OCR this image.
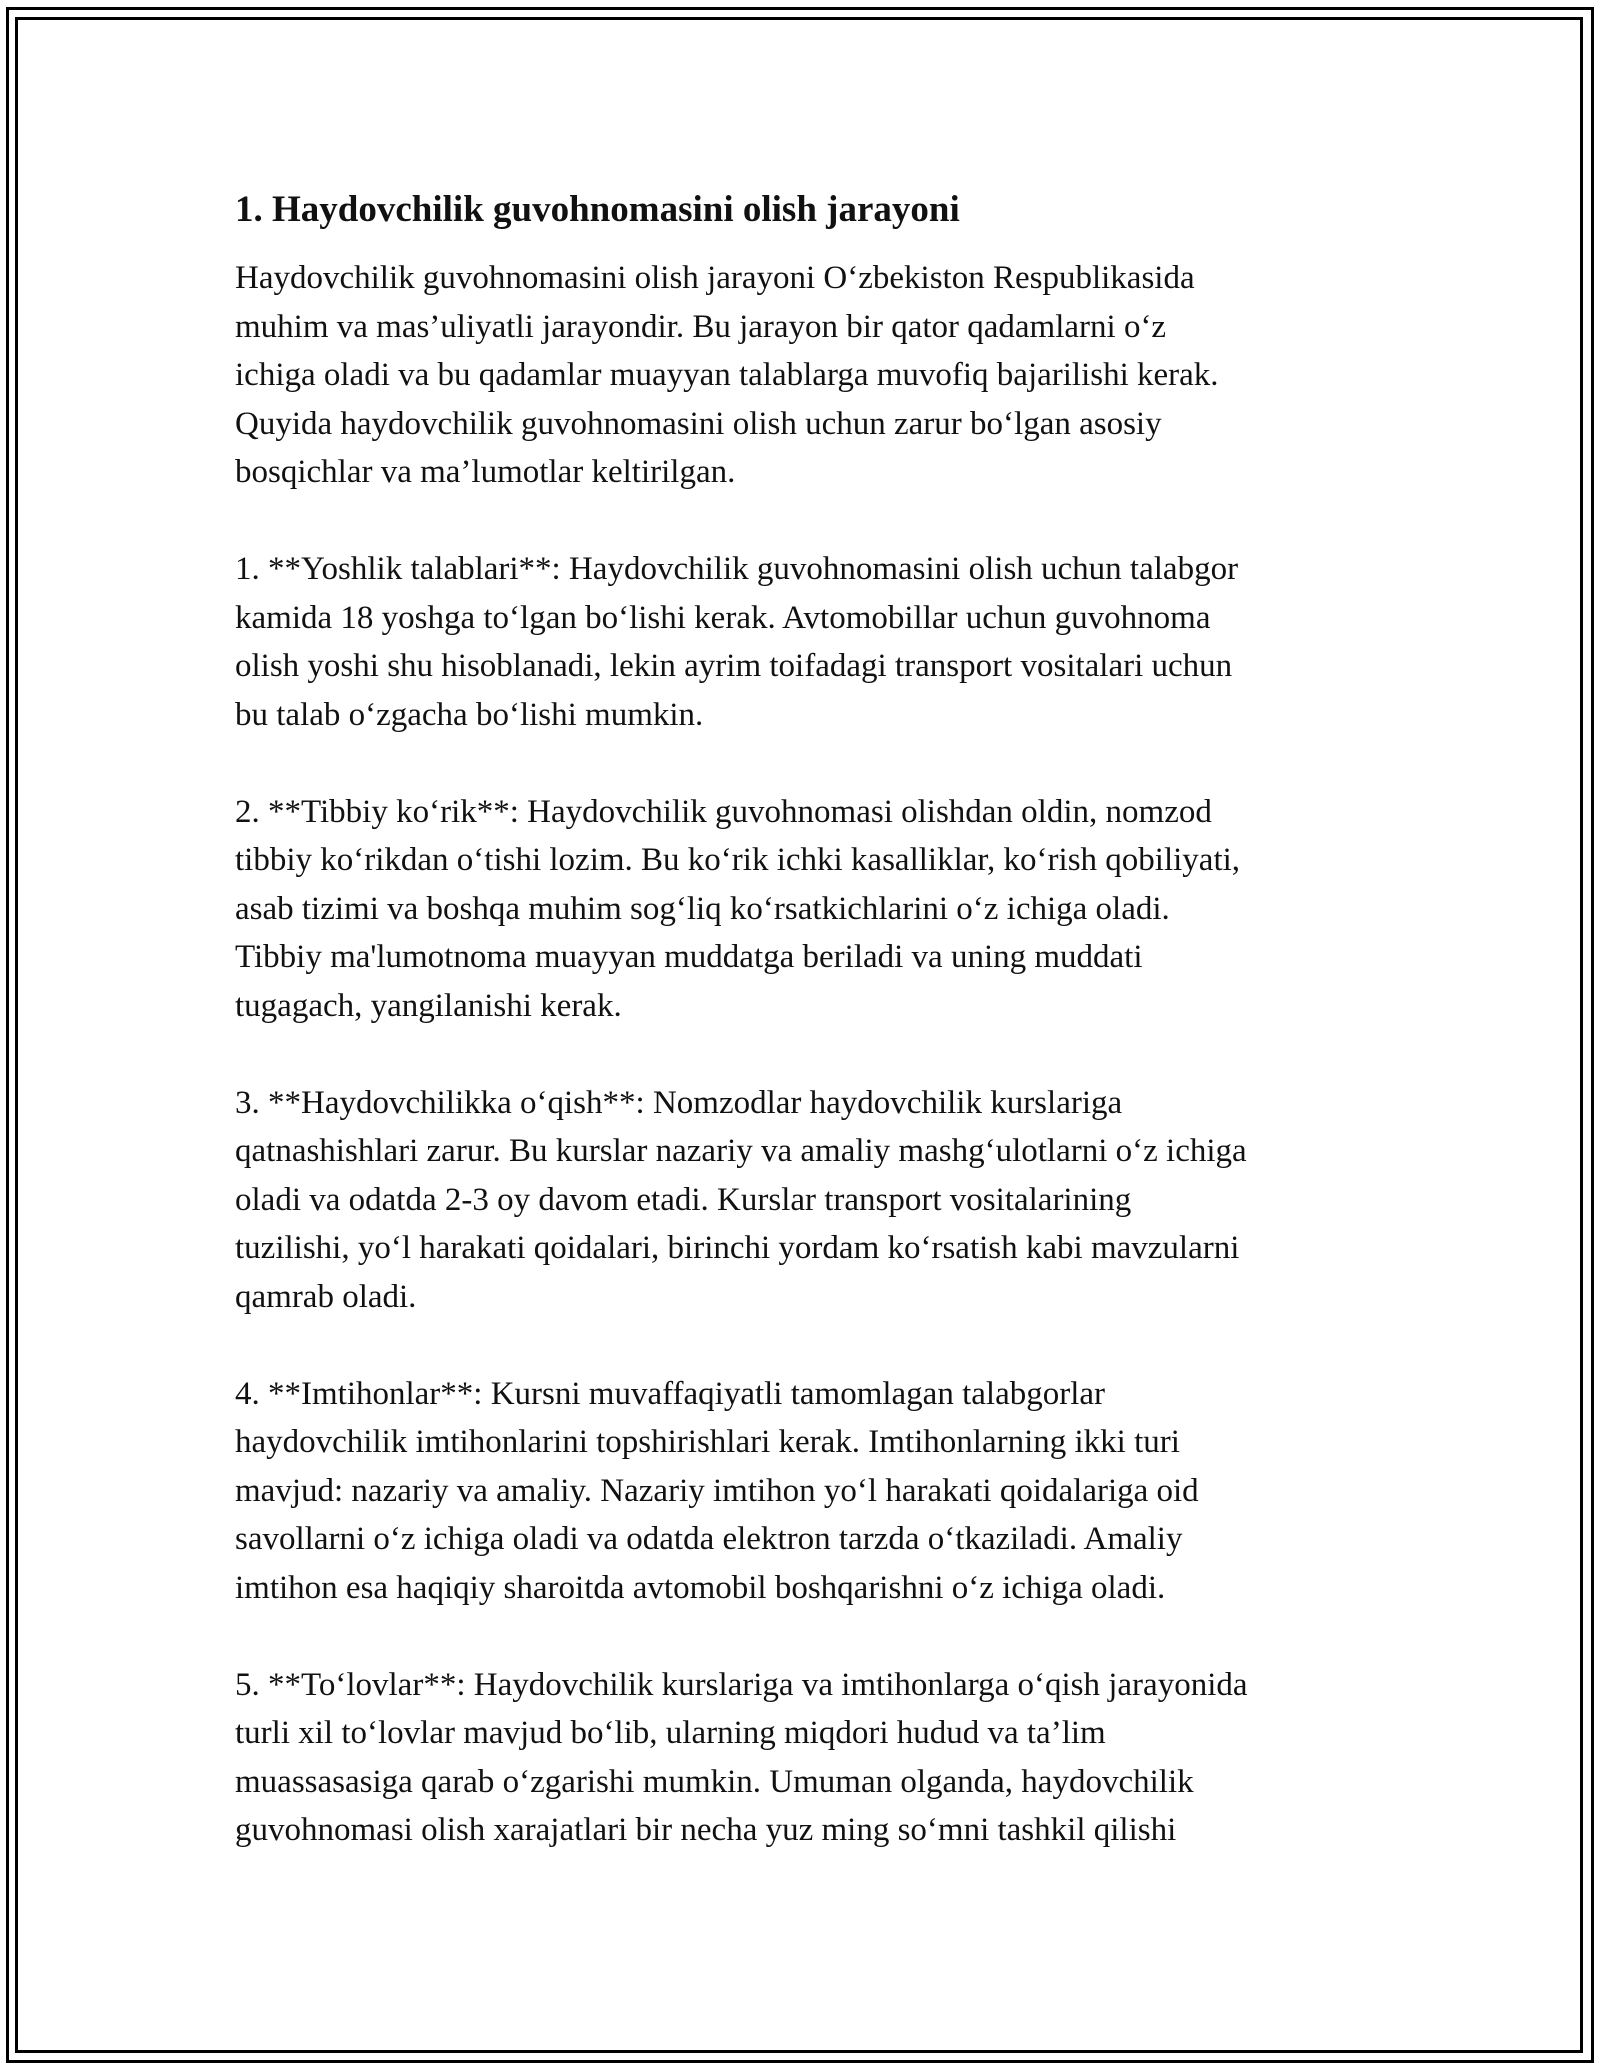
1. Haydovchilik guvohnomasini olish jarayoni

Haydovchilik guvohnomasini olish jarayoni O‘zbekiston Respublikasida
muhim va mas’uliyatli jarayondir. Bu jarayon bir qator qadamlarni o‘z
ichiga oladi va bu qadamlar muayyan talablarga muvofiq bajarilishi kerak.
Quyida haydovchilik guvohnomasini olish uchun zarur bo‘lgan asosiy
bosqichlar va ma’lumotlar keltirilgan.

1. **Yoshlik talablari**: Haydovchilik guvohnomasini olish uchun talabgor
kamida 18 yoshga to‘lgan bo‘lishi kerak. Avtomobillar uchun guvohnoma
olish yoshi shu hisoblanadi, lekin ayrim toifadagi transport vositalari uchun
bu talab o‘zgacha bo‘lishi mumkin.

2. **Tibbiy ko‘rik**: Haydovchilik guvohnomasi olishdan oldin, nomzod
tibbiy ko‘rikdan o‘tishi lozim. Bu ko‘rik ichki kasalliklar, ko‘rish qobiliyati,
asab tizimi va boshqa muhim sog‘liq ko‘rsatkichlarini o‘z ichiga oladi.
Tibbiy ma'lumotnoma muayyan muddatga beriladi va uning muddati
tugagach, yangilanishi kerak.

3. **Haydovchilikka o‘qish**: Nomzodlar haydovchilik kurslariga
qatnashishlari zarur. Bu kurslar nazariy va amaliy mashg‘ulotlarni o‘z ichiga
oladi va odatda 2-3 oy davom etadi. Kurslar transport vositalarining
tuzilishi, yo‘l harakati qoidalari, birinchi yordam ko‘rsatish kabi mavzularni
qamrab oladi.

4. **Imtihonlar**: Kursni muvaffaqiyatli tamomlagan talabgorlar
haydovchilik imtihonlarini topshirishlari kerak. Imtihonlarning ikki turi
mavjud: nazariy va amaliy. Nazariy imtihon yo‘l harakati qoidalariga oid
savollarni o‘z ichiga oladi va odatda elektron tarzda o‘tkaziladi. Amaliy
imtihon esa haqiqiy sharoitda avtomobil boshqarishni o‘z ichiga oladi.

5. **To‘lovlar**: Haydovchilik kurslariga va imtihonlarga o‘qish jarayonida
turli xil to‘lovlar mavjud bo‘lib, ularning miqdori hudud va ta’lim
muassasasiga qarab o‘zgarishi mumkin. Umuman olganda, haydovchilik
guvohnomasi olish xarajatlari bir necha yuz ming so‘mni tashkil qilishi
